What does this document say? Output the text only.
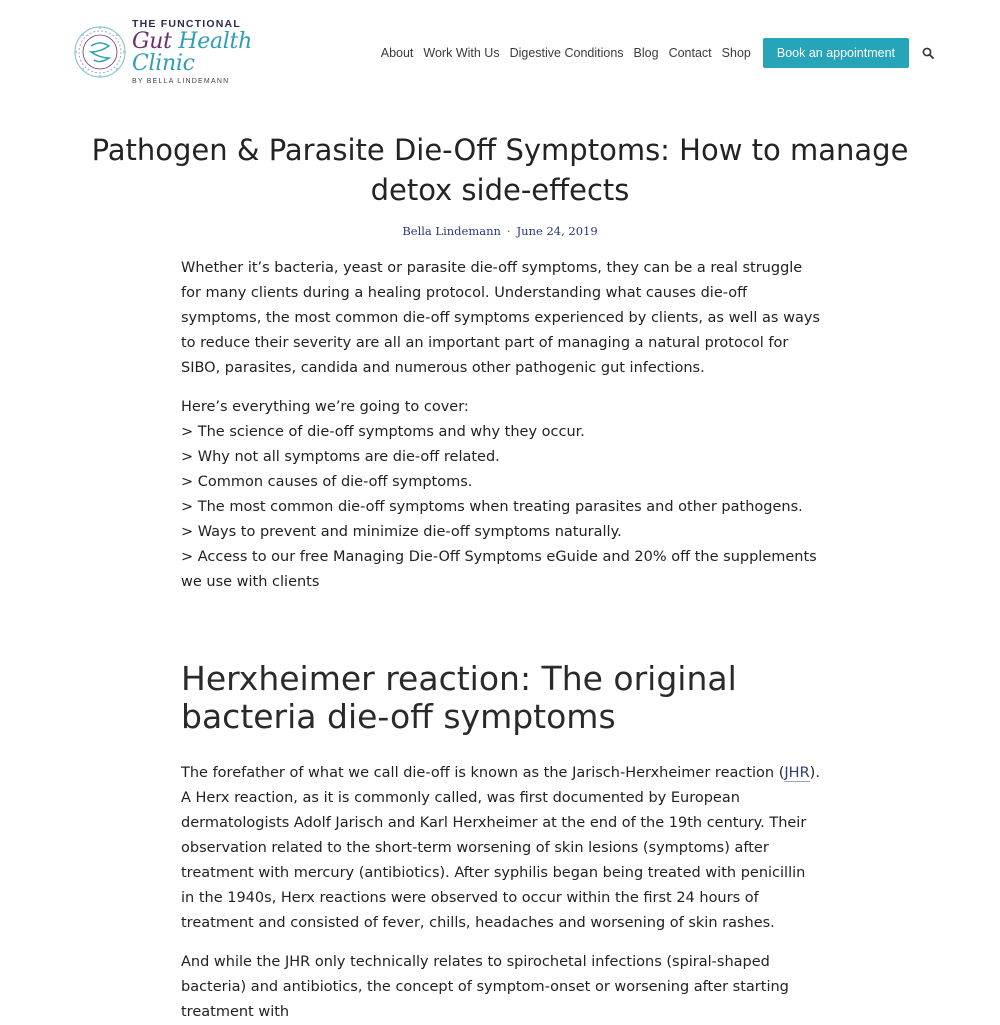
THE FUNCTIONAL
Gut Health Clinic
BY BELLA LINDEMANN
About Work With Us Digestive Conditions Blog Contact Shop	Book an appointment
Pathogen & Parasite Die-Off Symptoms: How to manage detox side-effects
Bella Lindemann · June 24, 2019

Whether it’s bacteria, yeast or parasite die-off symptoms, they can be a real struggle for many clients during a healing protocol. Understanding what causes die-off symptoms, the most common die-off symptoms experienced by clients, as well as ways to reduce their severity are all an important part of managing a natural protocol for SIBO, parasites, candida and numerous other pathogenic gut infections.

Here’s everything we’re going to cover:
> The science of die-off symptoms and why they occur.
> Why not all symptoms are die-off related.
> Common causes of die-off symptoms.
> The most common die-off symptoms when treating parasites and other pathogens.
> Ways to prevent and minimize die-off symptoms naturally.
> Access to our free Managing Die-Off Symptoms eGuide and 20% off the supplements we use with clients
Herxheimer reaction: The original bacteria die-off symptoms

The forefather of what we call die-off is known as the Jarisch-Herxheimer reaction (JHR). A Herx reaction, as it is commonly called, was first documented by European dermatologists Adolf Jarisch and Karl Herxheimer at the end of the 19th century. Their observation related to the short-term worsening of skin lesions (symptoms) after treatment with mercury (antibiotics). After syphilis began being treated with penicillin in the 1940s, Herx reactions were observed to occur within the first 24 hours of treatment and consisted of fever, chills, headaches and worsening of skin rashes.

And while the JHR only technically relates to spirochetal infections (spiral-shaped bacteria) and antibiotics, the concept of symptom-onset or worsening after starting treatment with
